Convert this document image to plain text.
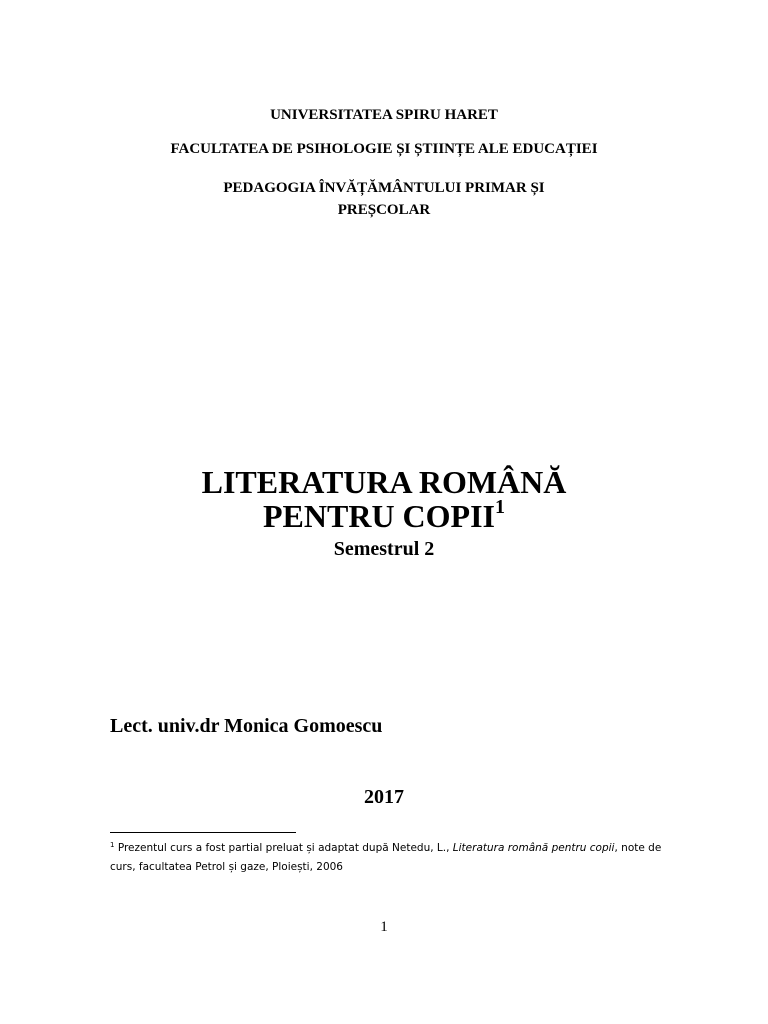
UNIVERSITATEA SPIRU HARET
FACULTATEA DE PSIHOLOGIE ȘI ȘTIINȚE ALE EDUCAȚIEI
PEDAGOGIA ÎNVĂȚĂMÂNTULUI PRIMAR ȘI
PREȘCOLAR
LITERATURA ROMÂNĂ
PENTRU COPII$^1$
Semestrul 2
Lect. univ.dr Monica Gomoescu
2017
$^1$ Prezentul curs a fost partial preluat și adaptat după Netedu, L., Literatura română pentru copii, note de curs, facultatea Petrol și gaze, Ploiești, 2006
1
